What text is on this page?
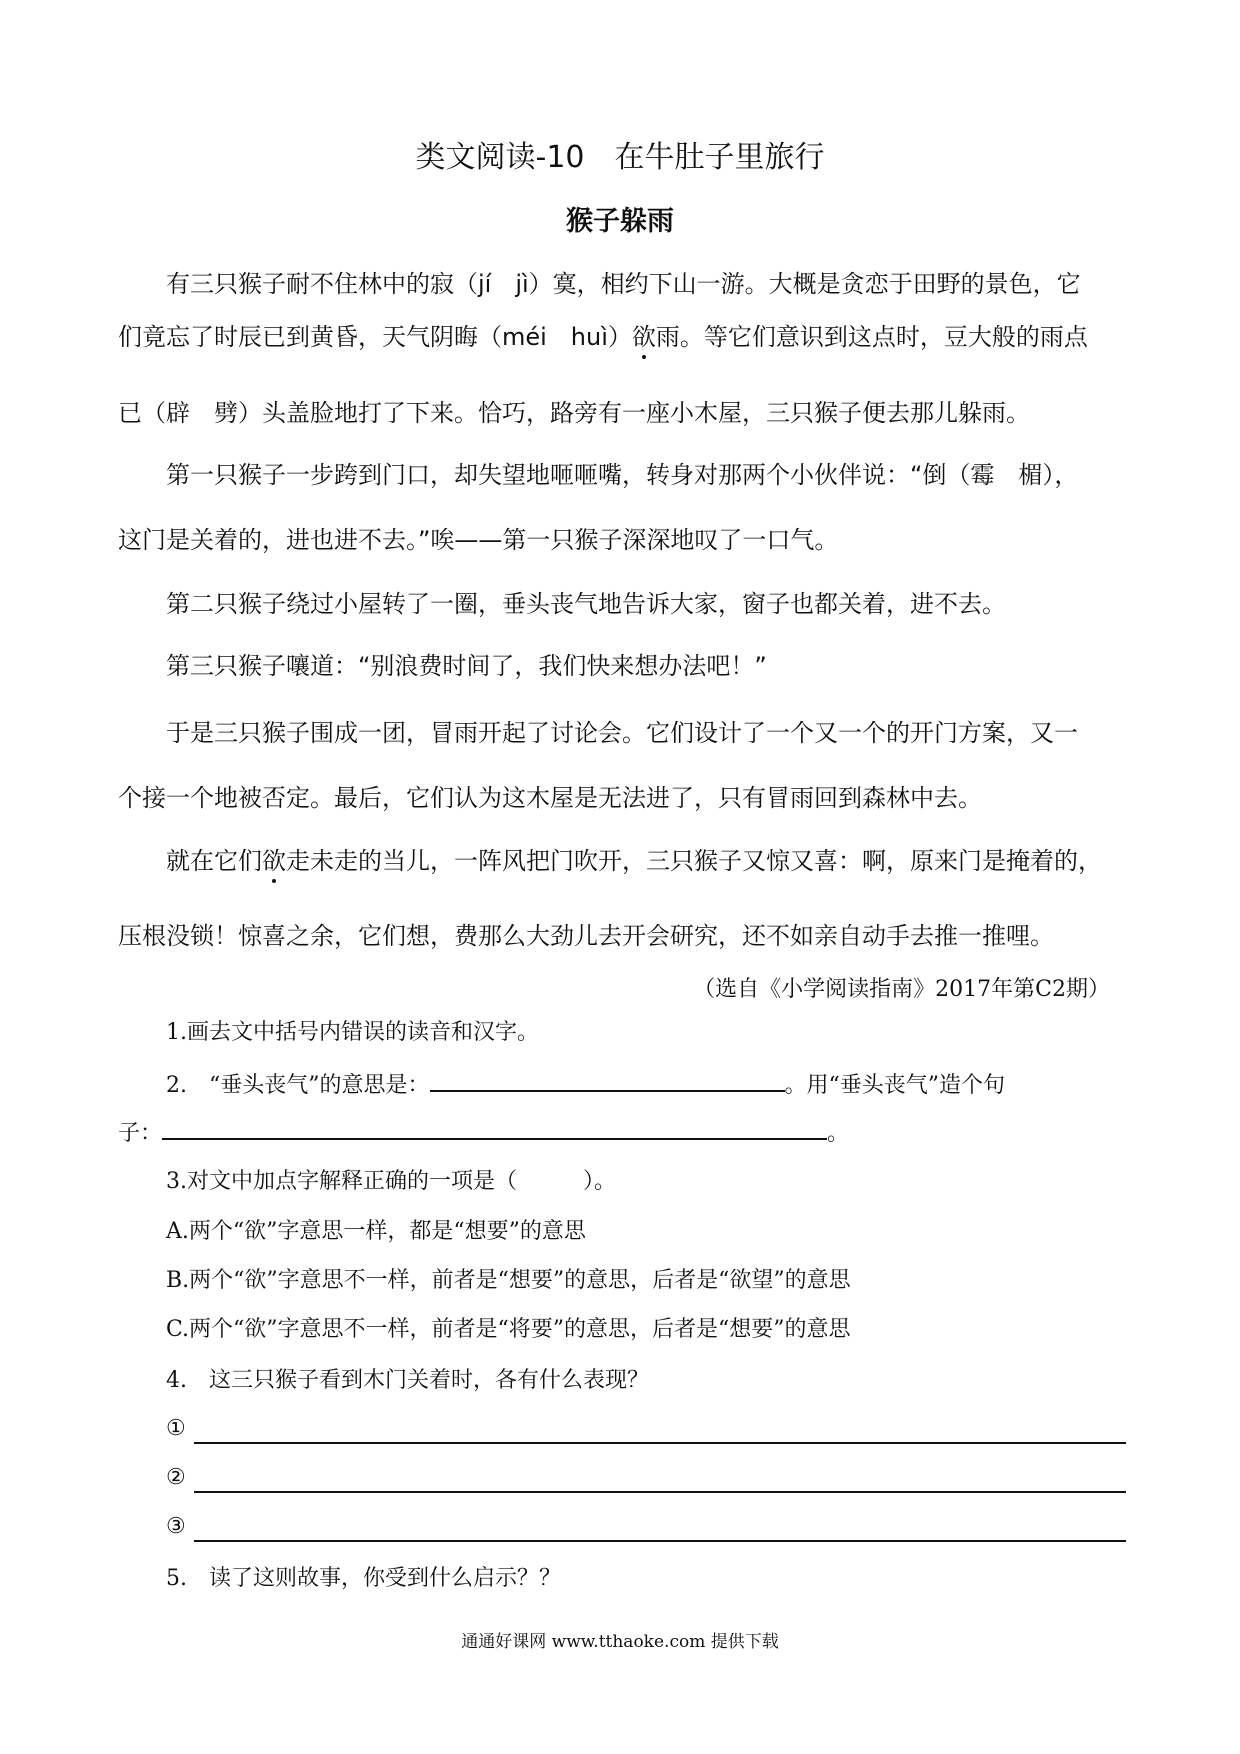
类文阅读-10　在牛肚子里旅行
猴子躲雨
有三只猴子耐不住林中的寂（jí　jì）寞，相约下山一游。大概是贪恋于田野的景色，它
们竟忘了时辰已到黄昏，天气阴晦（méi　huì）欲雨。等它们意识到这点时，豆大般的雨点
已（辟　劈）头盖脸地打了下来。恰巧，路旁有一座小木屋，三只猴子便去那儿躲雨。
第一只猴子一步跨到门口，却失望地咂咂嘴，转身对那两个小伙伴说：“倒（霉　楣），
这门是关着的，进也进不去。”唉——第一只猴子深深地叹了一口气。
第二只猴子绕过小屋转了一圈，垂头丧气地告诉大家，窗子也都关着，进不去。
第三只猴子嚷道：“别浪费时间了，我们快来想办法吧！”
于是三只猴子围成一团，冒雨开起了讨论会。它们设计了一个又一个的开门方案，又一
个接一个地被否定。最后，它们认为这木屋是无法进了，只有冒雨回到森林中去。
就在它们欲走未走的当儿，一阵风把门吹开，三只猴子又惊又喜：啊，原来门是掩着的，
压根没锁！惊喜之余，它们想，费那么大劲儿去开会研究，还不如亲自动手去推一推哩。
（选自《小学阅读指南》2017年第C2期）
1.画去文中括号内错误的读音和汉字。
2.　“垂头丧气”的意思是：	。用“垂头丧气”造个句
子：	。
3.对文中加点字解释正确的一项是（　　　）。
A.两个“欲”字意思一样，都是“想要”的意思
B.两个“欲”字意思不一样，前者是“想要”的意思，后者是“欲望”的意思
C.两个“欲”字意思不一样，前者是“将要”的意思，后者是“想要”的意思
4.　这三只猴子看到木门关着时，各有什么表现？
①
②
③
5.　读了这则故事，你受到什么启示？？
通通好课网 www.tthaoke.com 提供下载
